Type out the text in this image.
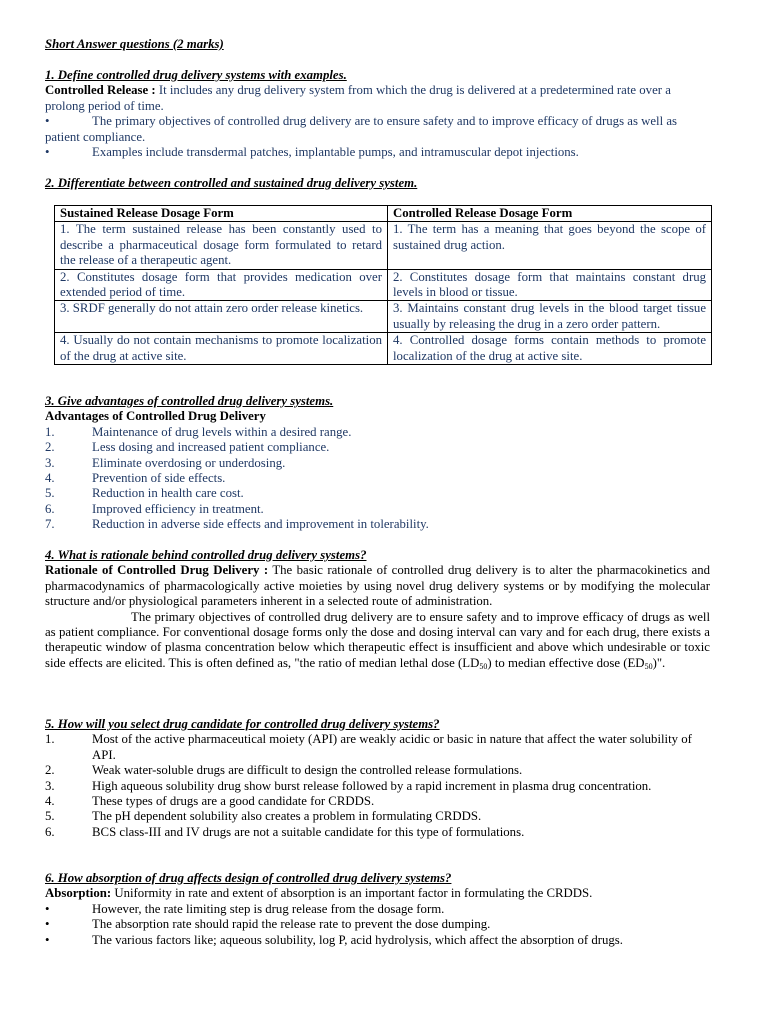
Short Answer questions (2 marks)
1. Define controlled drug delivery systems with examples.
Controlled Release : It includes any drug delivery system from which the drug is delivered at a predetermined rate over a prolong period of time.
•	The primary objectives of controlled drug delivery are to ensure safety and to improve efficacy of drugs as well as patient compliance.
•	Examples include transdermal patches, implantable pumps, and intramuscular depot injections.
2. Differentiate between controlled and sustained drug delivery system.
Sustained Release Dosage Form	Controlled Release Dosage Form
1. The term sustained release has been constantly used to describe a pharmaceutical dosage form formulated to retard the release of a therapeutic agent.	1. The term has a meaning that goes beyond the scope of sustained drug action.
2. Constitutes dosage form that provides medication over extended period of time.	2. Constitutes dosage form that maintains constant drug levels in blood or tissue.
3. SRDF generally do not attain zero order release kinetics.	3. Maintains constant drug levels in the blood target tissue usually by releasing the drug in a zero order pattern.
4. Usually do not contain mechanisms to promote localization of the drug at active site.	4. Controlled dosage forms contain methods to promote localization of the drug at active site.
3. Give advantages of controlled drug delivery systems.
Advantages of Controlled Drug Delivery
1.	Maintenance of drug levels within a desired range.
2.	Less dosing and increased patient compliance.
3.	Eliminate overdosing or underdosing.
4.	Prevention of side effects.
5.	Reduction in health care cost.
6.	Improved efficiency in treatment.
7.	Reduction in adverse side effects and improvement in tolerability.
4. What is rationale behind controlled drug delivery systems?
Rationale of Controlled Drug Delivery : The basic rationale of controlled drug delivery is to alter the pharmacokinetics and pharmacodynamics of pharmacologically active moieties by using novel drug delivery systems or by modifying the molecular structure and/or physiological parameters inherent in a selected route of administration.
The primary objectives of controlled drug delivery are to ensure safety and to improve efficacy of drugs as well as patient compliance. For conventional dosage forms only the dose and dosing interval can vary and for each drug, there exists a therapeutic window of plasma concentration below which therapeutic effect is insufficient and above which undesirable or toxic side effects are elicited. This is often defined as, "the ratio of median lethal dose $(LD_{50})$ to median effective dose $(ED_{50})$".
5. How will you select drug candidate for controlled drug delivery systems?
1.	Most of the active pharmaceutical moiety (API) are weakly acidic or basic in nature that affect the water solubility of API.
2.	Weak water-soluble drugs are difficult to design the controlled release formulations.
3.	High aqueous solubility drug show burst release followed by a rapid increment in plasma drug concentration.
4.	These types of drugs are a good candidate for CRDDS.
5.	The pH dependent solubility also creates a problem in formulating CRDDS.
6.	BCS class-III and IV drugs are not a suitable candidate for this type of formulations.
6. How absorption of drug affects design of controlled drug delivery systems?
Absorption: Uniformity in rate and extent of absorption is an important factor in formulating the CRDDS.
•	However, the rate limiting step is drug release from the dosage form.
•	The absorption rate should rapid the release rate to prevent the dose dumping.
•	The various factors like; aqueous solubility, log P, acid hydrolysis, which affect the absorption of drugs.
